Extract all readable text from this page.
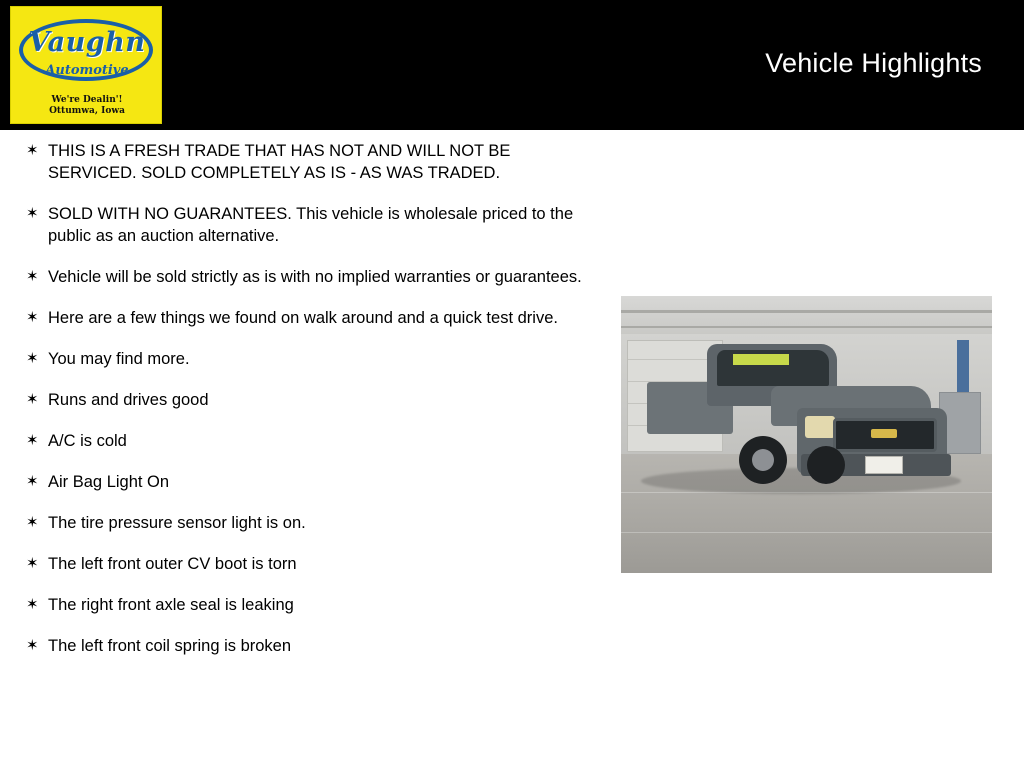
Vaughn
Automotive
We're Dealin'!
Ottumwa, Iowa
Vehicle Highlights
✶ THIS IS A FRESH TRADE THAT HAS NOT AND WILL NOT BE SERVICED. SOLD COMPLETELY AS IS - AS WAS TRADED.
✶ SOLD WITH NO GUARANTEES. This vehicle is wholesale priced to the public as an auction alternative.
✶ Vehicle will be sold strictly as is with no implied warranties or guarantees.
✶ Here are a few things we found on walk around and a quick test drive.
✶ You may find more.
✶ Runs and drives good
✶ A/C is cold
✶ Air Bag Light On
✶ The tire pressure sensor light is on.
✶ The left front outer CV boot is torn
✶ The right front axle seal is leaking
✶ The left front coil spring is broken
